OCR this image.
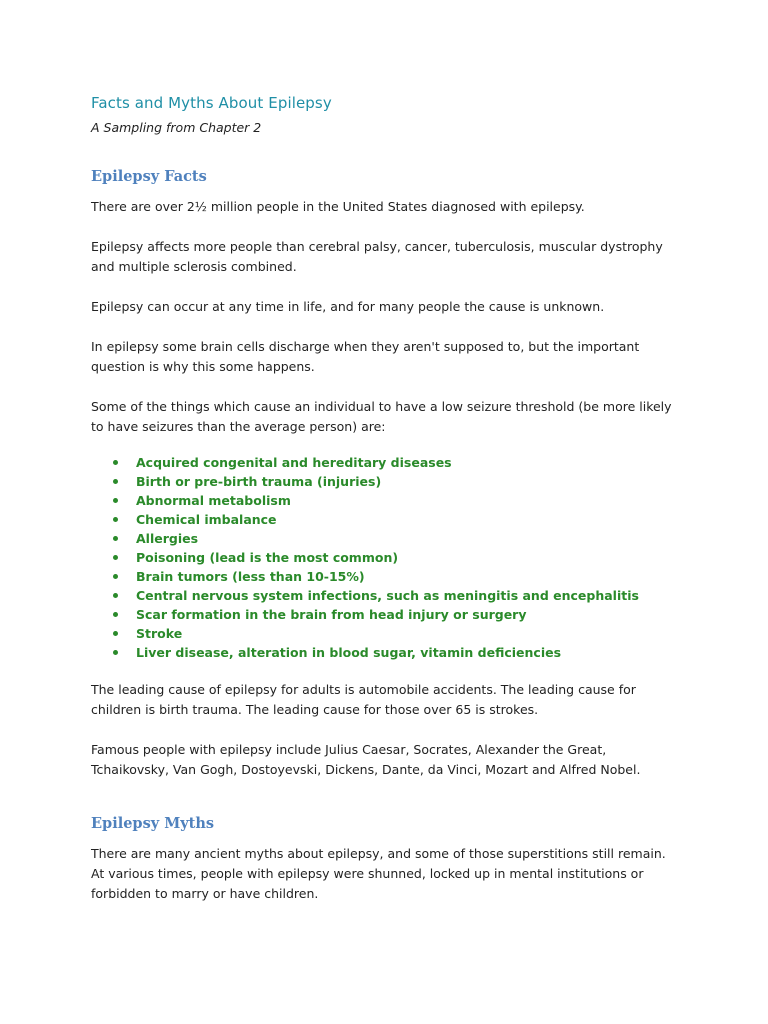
Facts and Myths About Epilepsy

A Sampling from Chapter 2

Epilepsy Facts

There are over 2½ million people in the United States diagnosed with epilepsy.

Epilepsy affects more people than cerebral palsy, cancer, tuberculosis, muscular dystrophy and multiple sclerosis combined.

Epilepsy can occur at any time in life, and for many people the cause is unknown.

In epilepsy some brain cells discharge when they aren't supposed to, but the important question is why this some happens.

Some of the things which cause an individual to have a low seizure threshold (be more likely to have seizures than the average person) are:

Acquired congenital and hereditary diseases
Birth or pre-birth trauma (injuries)
Abnormal metabolism
Chemical imbalance
Allergies
Poisoning (lead is the most common)
Brain tumors (less than 10-15%)
Central nervous system infections, such as meningitis and encephalitis
Scar formation in the brain from head injury or surgery
Stroke
Liver disease, alteration in blood sugar, vitamin deficiencies

The leading cause of epilepsy for adults is automobile accidents. The leading cause for children is birth trauma. The leading cause for those over 65 is strokes.

Famous people with epilepsy include Julius Caesar, Socrates, Alexander the Great, Tchaikovsky, Van Gogh, Dostoyevski, Dickens, Dante, da Vinci, Mozart and Alfred Nobel.

Epilepsy Myths

There are many ancient myths about epilepsy, and some of those superstitions still remain. At various times, people with epilepsy were shunned, locked up in mental institutions or forbidden to marry or have children.
